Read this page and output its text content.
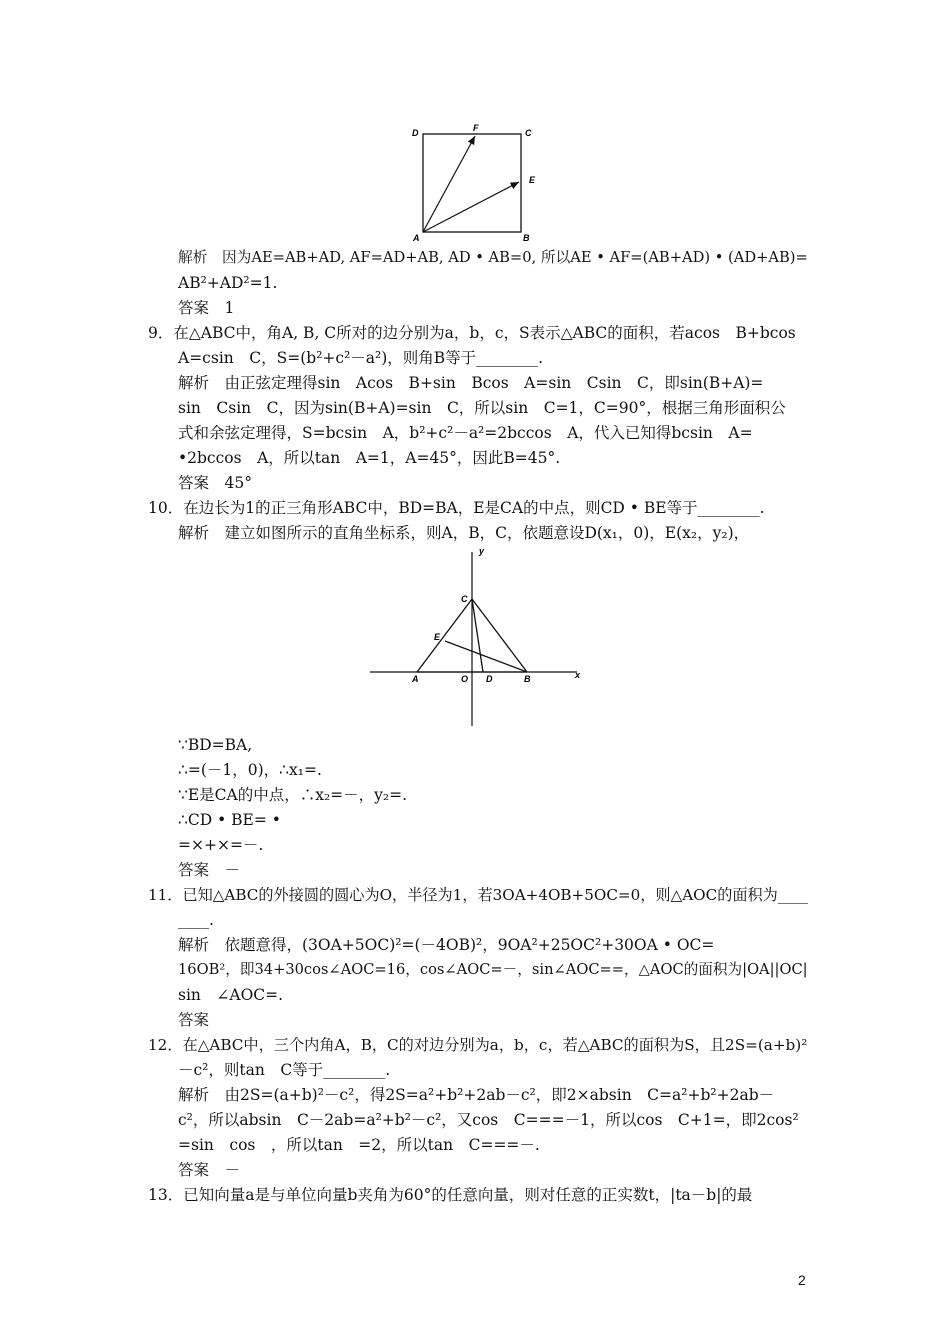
D	F	C
E
A	B
解析　因为AE=AB+AD, AF=AD+AB, AD • AB=0, 所以AE • AF=(AB+AD) • (AD+AB)=
AB²+AD²=1.
答案　1
9．在△ABC中，角A, B, C所对的边分别为a，b，c，S表示△ABC的面积，若acos　B+bcos
A=csin　C，S=(b²+c²－a²)，则角B等于________.
解析　由正弦定理得sin　Acos　B+sin　Bcos　A=sin　Csin　C，即sin(B+A)=
sin　Csin　C，因为sin(B+A)=sin　C，所以sin　C=1，C=90°，根据三角形面积公
式和余弦定理得，S=bcsin　A，b²+c²－a²=2bccos　A，代入已知得bcsin　A=
•2bccos　A，所以tan　A=1，A=45°，因此B=45°.
答案　45°
10．在边长为1的正三角形ABC中，BD=BA，E是CA的中点，则CD • BE等于________.
解析　建立如图所示的直角坐标系，则A，B，C，依题意设D(x₁，0)，E(x₂，y₂)，
y
x
C
E
A	O D	B
∵BD=BA,
∴=(－1，0)，∴x₁=.
∵E是CA的中点，∴x₂=－，y₂=.
∴CD • BE= •
=×+×=－.
答案　－
11．已知△ABC的外接圆的圆心为O，半径为1，若3OA+4OB+5OC=0，则△AOC的面积为____
____.
解析　依题意得，(3OA+5OC)²=(－4OB)²，9OA²+25OC²+30OA • OC=
16OB²，即34+30cos∠AOC=16，cos∠AOC=－，sin∠AOC==，△AOC的面积为|OA||OC|
sin　∠AOC=.
答案
12．在△ABC中，三个内角A，B，C的对边分别为a，b，c，若△ABC的面积为S，且2S=(a+b)²
－c²，则tan　C等于________.
解析　由2S=(a+b)²－c²，得2S=a²+b²+2ab－c²，即2×absin　C=a²+b²+2ab－
c²，所以absin　C－2ab=a²+b²－c²，又cos　C===－1，所以cos　C+1=，即2cos²
=sin　cos　，所以tan　=2，所以tan　C===－.
答案　－
13．已知向量a是与单位向量b夹角为60°的任意向量，则对任意的正实数t，|ta－b|的最
2
